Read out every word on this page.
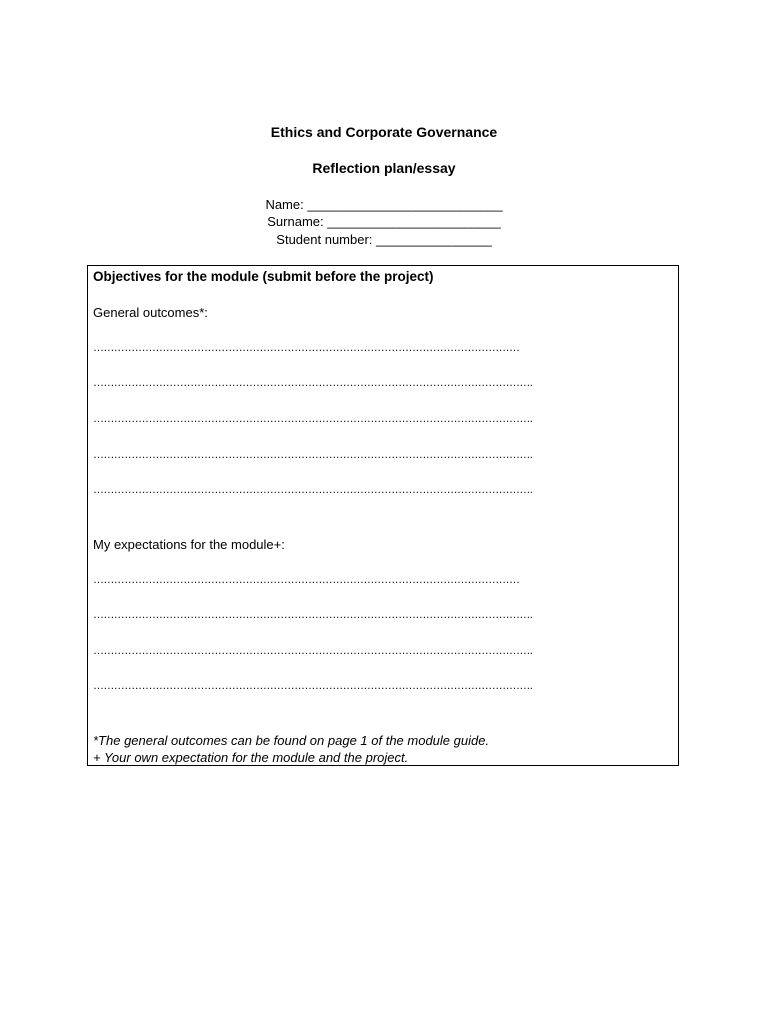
Ethics and Corporate Governance
Reflection plan/essay
Name: ___________________________
Surname: ________________________
Student number: ________________
Objectives for the module (submit before the project)
General outcomes*:
……………………………………………………………………………………………………………
……………………………………………………………………………………………………………….
……………………………………………………………………………………………………………….
……………………………………………………………………………………………………………….
……………………………………………………………………………………………………………….
My expectations for the module+:
……………………………………………………………………………………………………………
……………………………………………………………………………………………………………….
……………………………………………………………………………………………………………….
……………………………………………………………………………………………………………….
*The general outcomes can be found on page 1 of the module guide.
+ Your own expectation for the module and the project.
